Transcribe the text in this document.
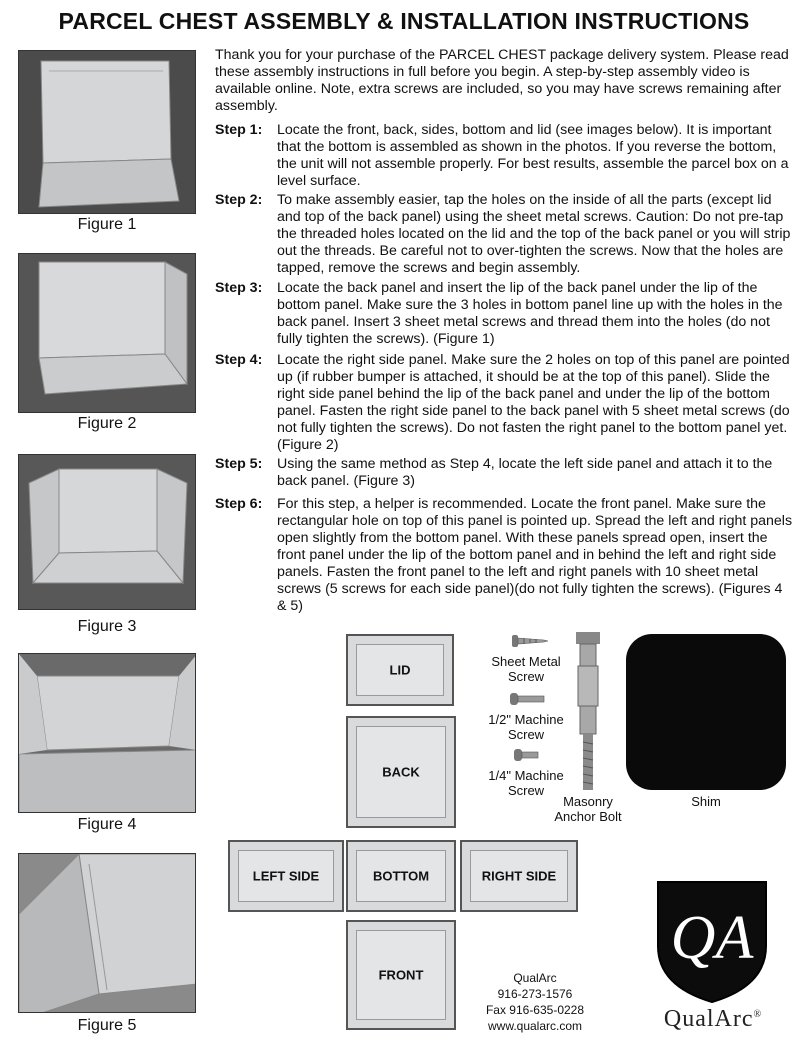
PARCEL CHEST ASSEMBLY & INSTALLATION INSTRUCTIONS
Figure 1
Figure 2
Figure 3
Figure 4
Figure 5
Thank you for your purchase of the PARCEL CHEST package delivery system. Please read these assembly instructions in full before you begin. A step-by-step assembly video is available online. Note, extra screws are included, so you may have screws remaining after assembly.
Step 1: Locate the front, back, sides, bottom and lid (see images below). It is important that the bottom is assembled as shown in the photos. If you reverse the bottom, the unit will not assemble properly. For best results, assemble the parcel box on a level surface.
Step 2: To make assembly easier, tap the holes on the inside of all the parts (except lid and top of the back panel) using the sheet metal screws. Caution: Do not pre-tap the threaded holes located on the lid and the top of the back panel or you will strip out the threads. Be careful not to over-tighten the screws. Now that the holes are tapped, remove the screws and begin assembly.
Step 3: Locate the back panel and insert the lip of the back panel under the lip of the bottom panel. Make sure the 3 holes in bottom panel line up with the holes in the back panel. Insert 3 sheet metal screws and thread them into the holes (do not fully tighten the screws). (Figure 1)
Step 4: Locate the right side panel. Make sure the 2 holes on top of this panel are pointed up (if rubber bumper is attached, it should be at the top of this panel). Slide the right side panel behind the lip of the back panel and under the lip of the bottom panel. Fasten the right side panel to the back panel with 5 sheet metal screws (do not fully tighten the screws). Do not fasten the right panel to the bottom panel yet. (Figure 2)
Step 5: Using the same method as Step 4, locate the left side panel and attach it to the back panel. (Figure 3)
Step 6: For this step, a helper is recommended. Locate the front panel. Make sure the rectangular hole on top of this panel is pointed up. Spread the left and right panels open slightly from the bottom panel. With these panels spread open, insert the front panel under the lip of the bottom panel and in behind the left and right side panels. Fasten the front panel to the left and right panels with 10 sheet metal screws (5 screws for each side panel)(do not fully tighten the screws). (Figures 4 & 5)
LID
BACK
LEFT SIDE	BOTTOM	RIGHT SIDE
FRONT
Sheet Metal Screw
1/2" Machine Screw
1/4" Machine Screw
Masonry Anchor Bolt
Shim
QualArc
916-273-1576
Fax 916-635-0228
www.qualarc.com
QA
QualArc®
